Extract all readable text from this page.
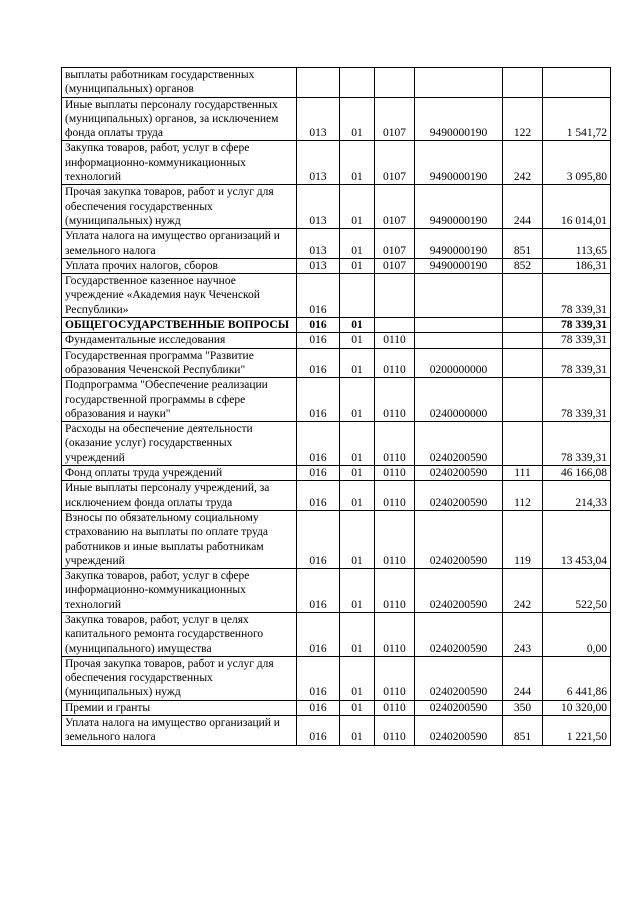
выплаты работникам государственных (муниципальных) органов						
Иные выплаты персоналу государственных (муниципальных) органов, за исключением фонда оплаты труда	013	01	0107	9490000190	122	1 541,72
Закупка товаров, работ, услуг в сфере информационно-коммуникационных технологий	013	01	0107	9490000190	242	3 095,80
Прочая закупка товаров, работ и услуг для обеспечения государственных (муниципальных) нужд	013	01	0107	9490000190	244	16 014,01
Уплата налога на имущество организаций и земельного налога	013	01	0107	9490000190	851	113,65
Уплата прочих налогов, сборов	013	01	0107	9490000190	852	186,31
Государственное казенное научное учреждение «Академия наук Чеченской Республики»	016					78 339,31
ОБЩЕГОСУДАРСТВЕННЫЕ ВОПРОСЫ	016	01				78 339,31
Фундаментальные исследования	016	01	0110			78 339,31
Государственная программа "Развитие образования Чеченской Республики"	016	01	0110	0200000000		78 339,31
Подпрограмма "Обеспечение реализации государственной программы в сфере образования и науки"	016	01	0110	0240000000		78 339,31
Расходы на обеспечение деятельности (оказание услуг) государственных учреждений	016	01	0110	0240200590		78 339,31
Фонд оплаты труда учреждений	016	01	0110	0240200590	111	46 166,08
Иные выплаты персоналу учреждений, за исключением фонда оплаты труда	016	01	0110	0240200590	112	214,33
Взносы по обязательному социальному страхованию на выплаты по оплате труда работников и иные выплаты работникам учреждений	016	01	0110	0240200590	119	13 453,04
Закупка товаров, работ, услуг в сфере информационно-коммуникационных технологий	016	01	0110	0240200590	242	522,50
Закупка товаров, работ, услуг в целях капитального ремонта государственного (муниципального) имущества	016	01	0110	0240200590	243	0,00
Прочая закупка товаров, работ и услуг для обеспечения государственных (муниципальных) нужд	016	01	0110	0240200590	244	6 441,86
Премии и гранты	016	01	0110	0240200590	350	10 320,00
Уплата налога на имущество организаций и земельного налога	016	01	0110	0240200590	851	1 221,50
